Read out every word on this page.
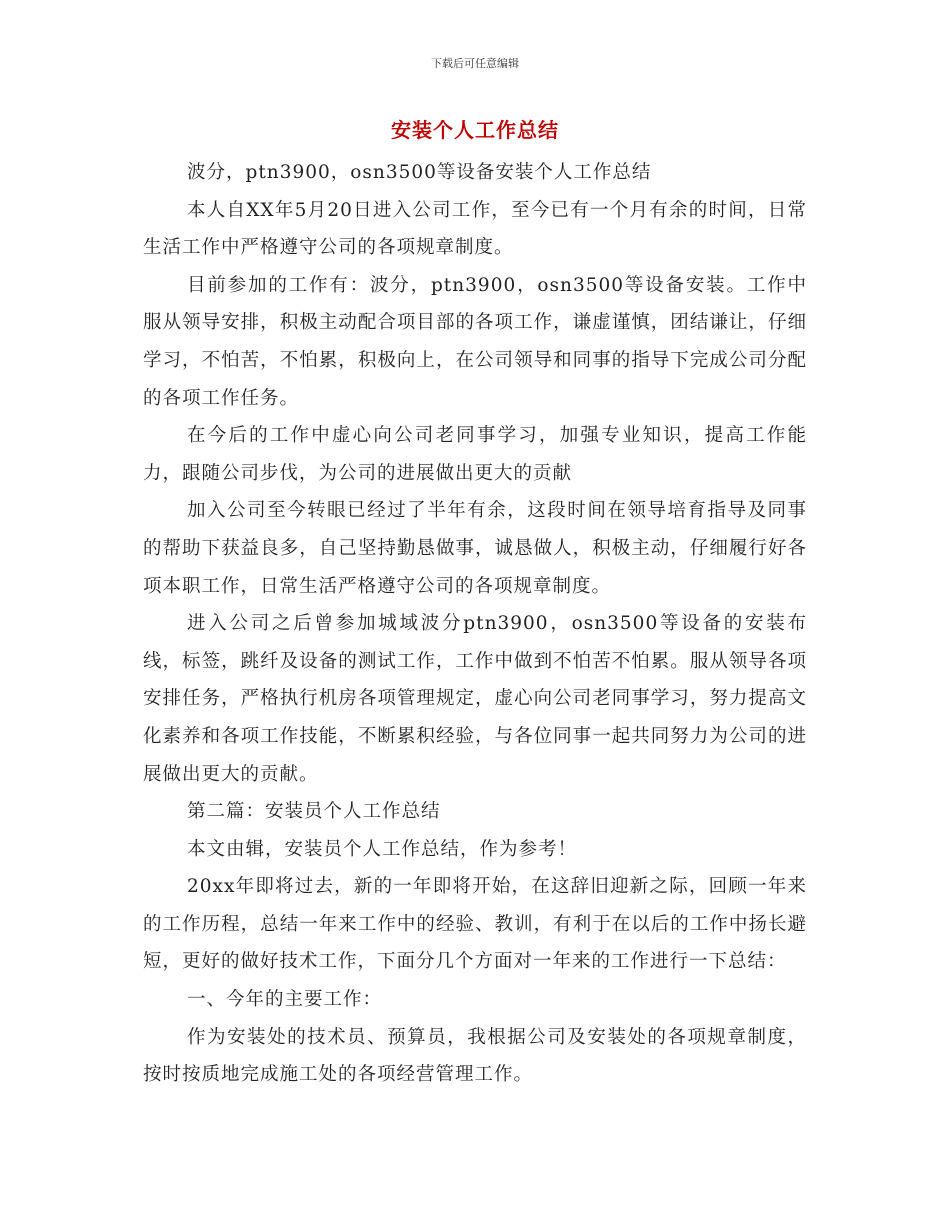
下载后可任意编辑
安装个人工作总结

波分，ptn3900，osn3500等设备安装个人工作总结

本人自XX年5月20日进入公司工作，至今已有一个月有余的时间，日常生活工作中严格遵守公司的各项规章制度。

目前参加的工作有：波分，ptn3900，osn3500等设备安装。工作中服从领导安排，积极主动配合项目部的各项工作，谦虚谨慎，团结谦让，仔细学习，不怕苦，不怕累，积极向上，在公司领导和同事的指导下完成公司分配的各项工作任务。

在今后的工作中虚心向公司老同事学习，加强专业知识，提高工作能力，跟随公司步伐，为公司的进展做出更大的贡献

加入公司至今转眼已经过了半年有余，这段时间在领导培育指导及同事的帮助下获益良多，自己坚持勤恳做事，诚恳做人，积极主动，仔细履行好各项本职工作，日常生活严格遵守公司的各项规章制度。

进入公司之后曾参加城域波分ptn3900，osn3500等设备的安装布线，标签，跳纤及设备的测试工作，工作中做到不怕苦不怕累。服从领导各项安排任务，严格执行机房各项管理规定，虚心向公司老同事学习，努力提高文化素养和各项工作技能，不断累积经验，与各位同事一起共同努力为公司的进展做出更大的贡献。

第二篇：安装员个人工作总结

本文由辑，安装员个人工作总结，作为参考！

20xx年即将过去，新的一年即将开始，在这辞旧迎新之际，回顾一年来的工作历程，总结一年来工作中的经验、教训，有利于在以后的工作中扬长避短，更好的做好技术工作，下面分几个方面对一年来的工作进行一下总结：

一、今年的主要工作：

作为安装处的技术员、预算员，我根据公司及安装处的各项规章制度，按时按质地完成施工处的各项经营管理工作。
